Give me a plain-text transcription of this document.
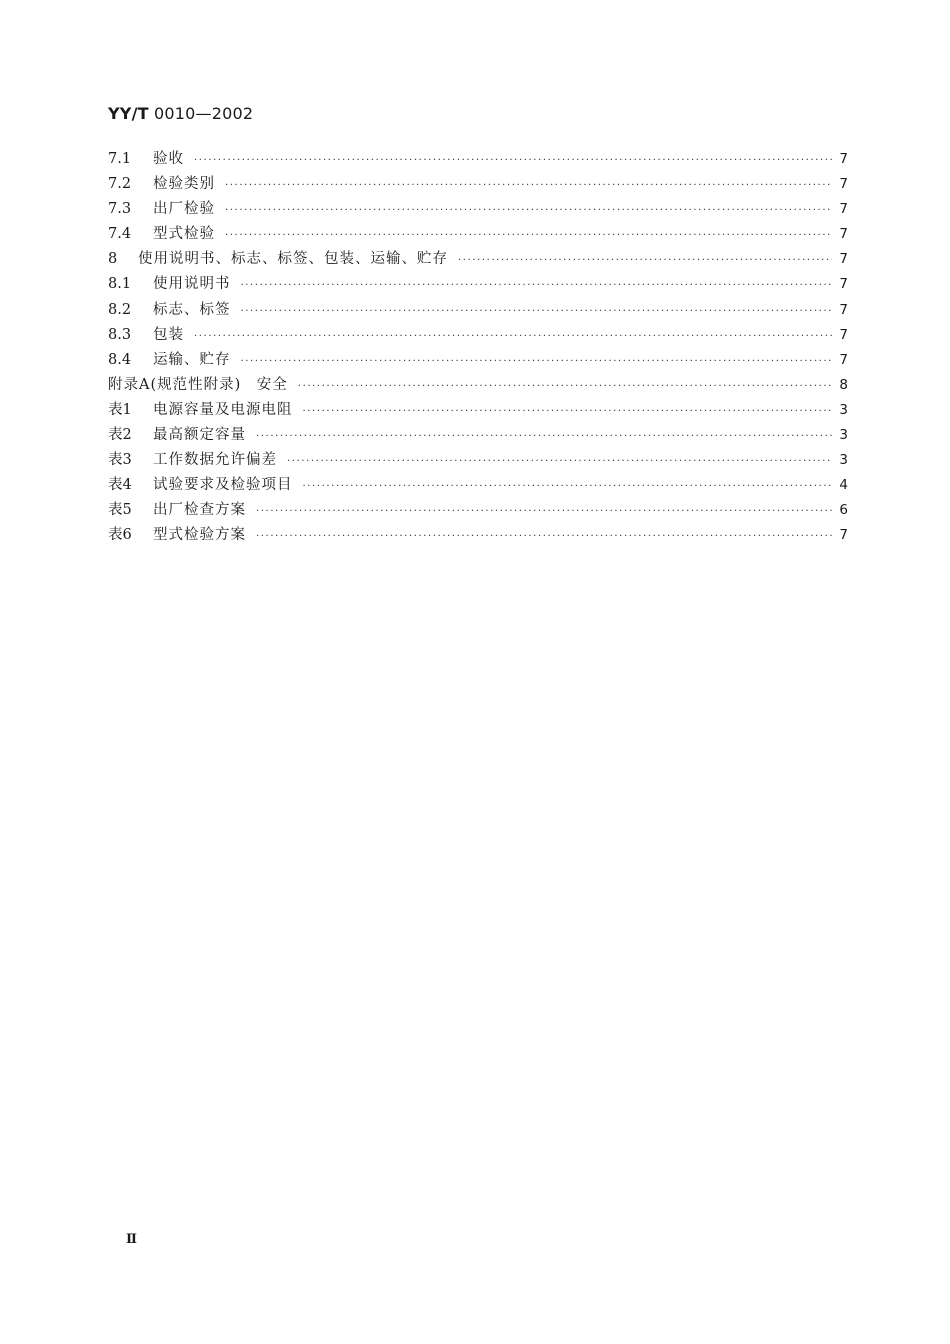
YY/T 0010—2002
7.1	验收 ·····	7
7.2	检验类别 ·····	7
7.3	出厂检验 ·····	7
7.4	型式检验 ·····	7
8	使用说明书、标志、标签、包装、运输、贮存 ·····	7
8.1	使用说明书 ·····	7
8.2	标志、标签 ·····	7
8.3	包装 ·····	7
8.4	运输、贮存 ·····	7
附录A(规范性附录)　安全 ·····	8
表1	电源容量及电源电阻 ·····	3
表2	最高额定容量 ·····	3
表3	工作数据允许偏差 ·····	3
表4	试验要求及检验项目 ·····	4
表5	出厂检查方案 ·····	6
表6	型式检验方案 ·····	7
Ⅱ
